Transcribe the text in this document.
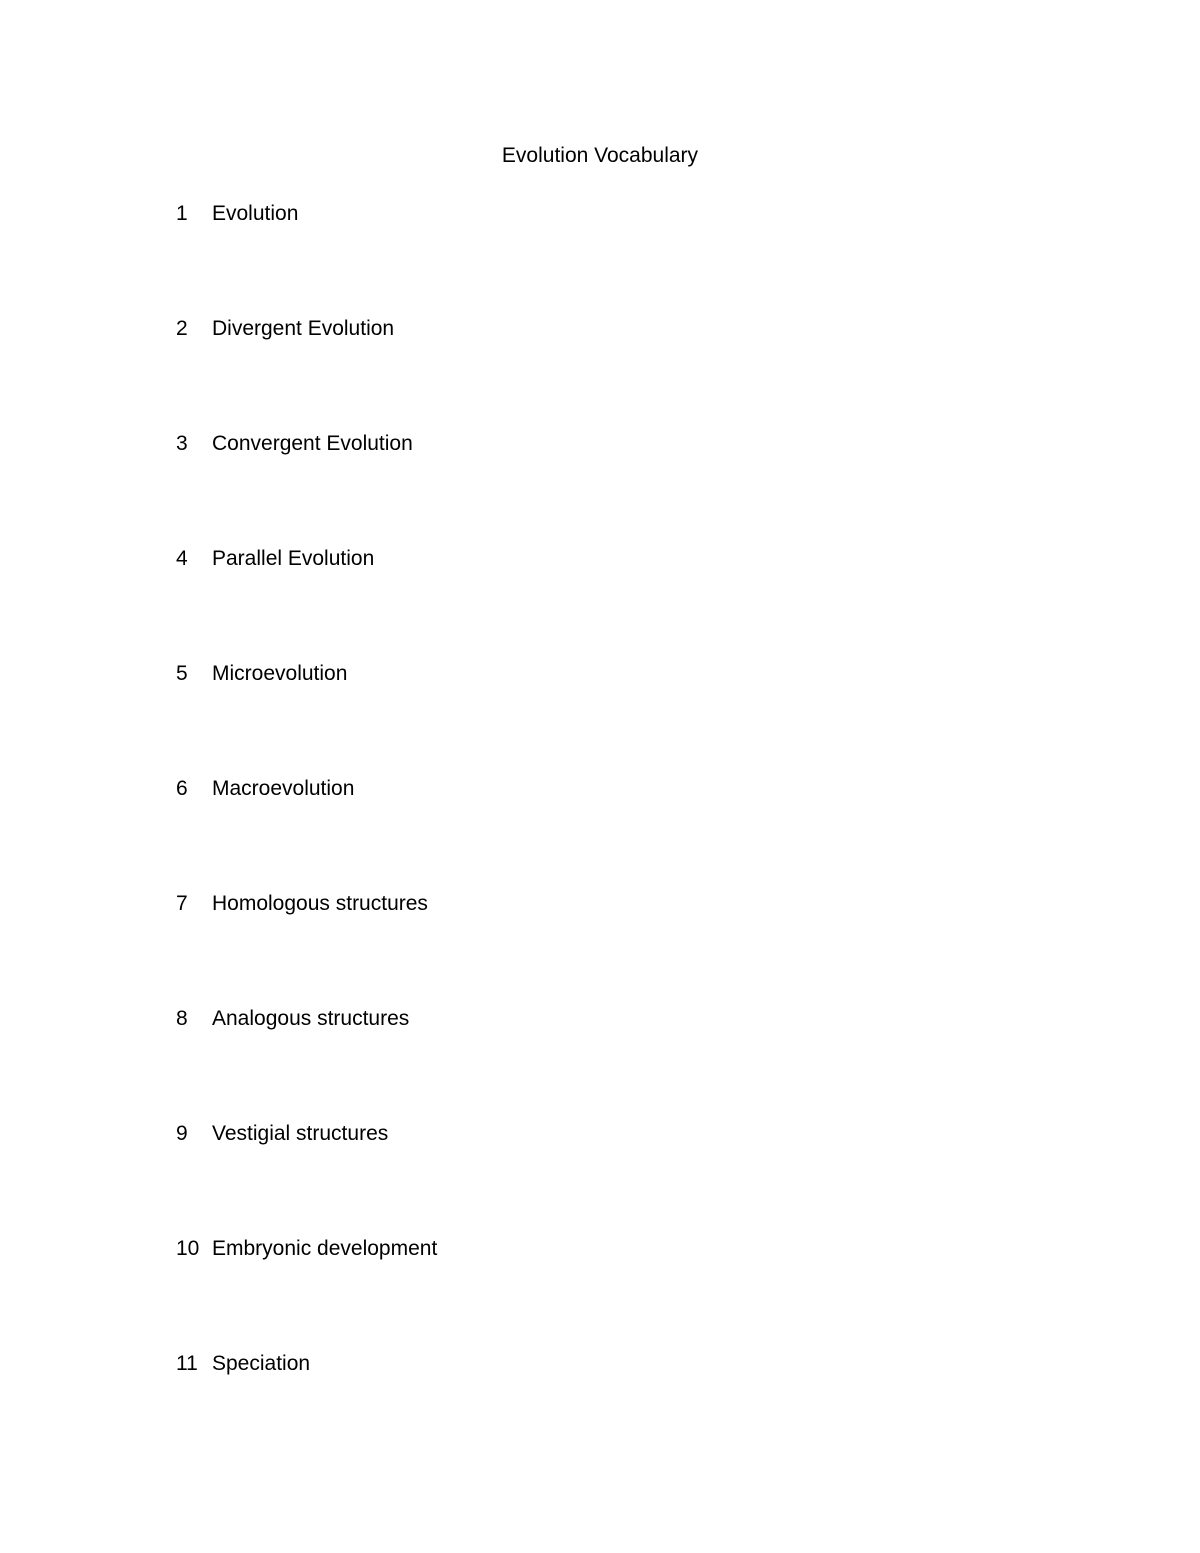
Evolution Vocabulary
1	Evolution
2	Divergent Evolution
3	Convergent Evolution
4	Parallel Evolution
5	Microevolution
6	Macroevolution
7	Homologous structures
8	Analogous structures
9	Vestigial structures
10 Embryonic development
11 Speciation
